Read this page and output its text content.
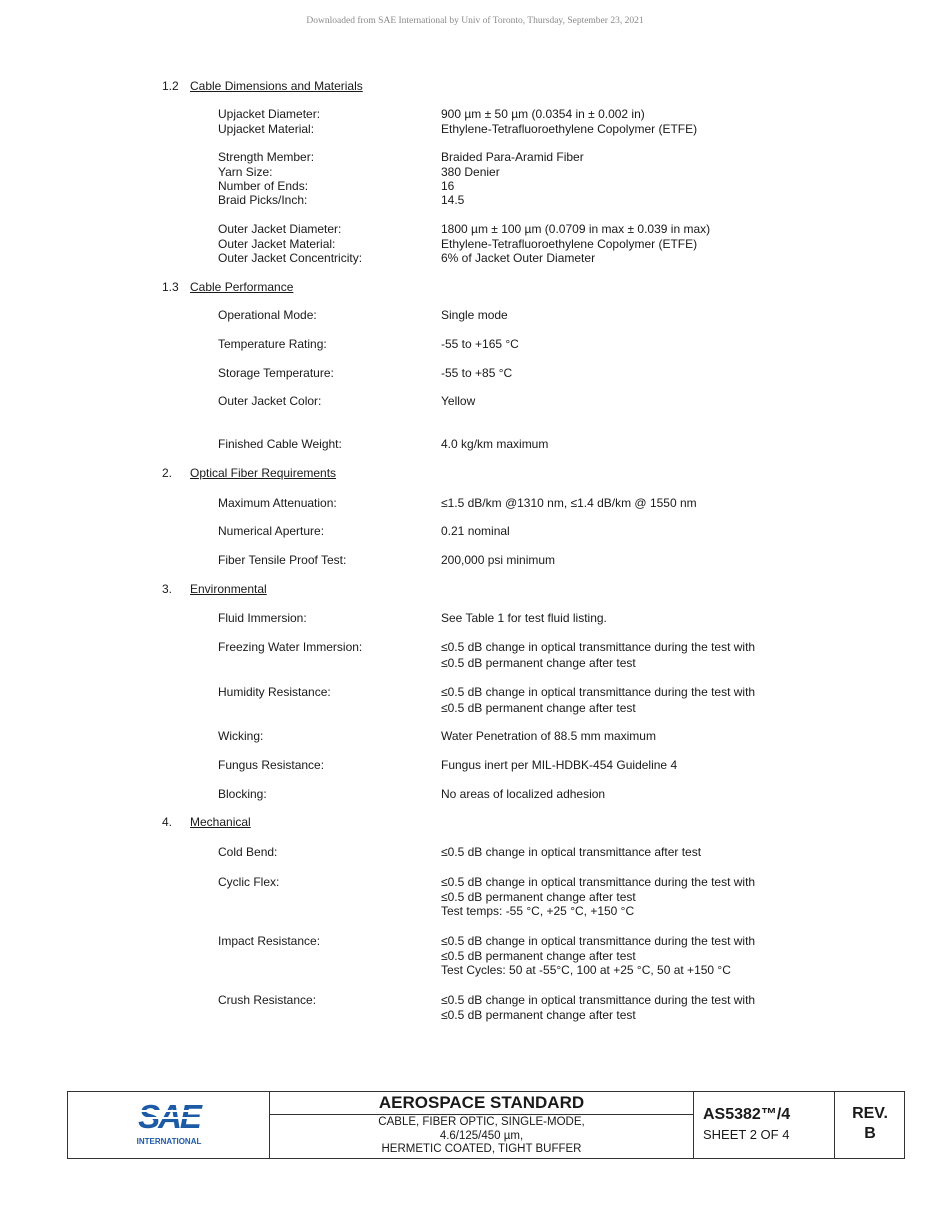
Downloaded from SAE International by Univ of Toronto, Thursday, September 23, 2021
1.2 Cable Dimensions and Materials
Upjacket Diameter:	900 µm ± 50 µm (0.0354 in ± 0.002 in)
Upjacket Material:	Ethylene-Tetrafluoroethylene Copolymer (ETFE)
Strength Member:	Braided Para-Aramid Fiber
Yarn Size:	380 Denier
Number of Ends:	16
Braid Picks/Inch:	14.5
Outer Jacket Diameter:	1800 µm ± 100 µm (0.0709 in max ± 0.039 in max)
Outer Jacket Material:	Ethylene-Tetrafluoroethylene Copolymer (ETFE)
Outer Jacket Concentricity:	6% of Jacket Outer Diameter
1.3 Cable Performance
Operational Mode:	Single mode
Temperature Rating:	-55 to +165 °C
Storage Temperature:	-55 to +85 °C
Outer Jacket Color:	Yellow
Finished Cable Weight:	4.0 kg/km maximum
2. Optical Fiber Requirements
Maximum Attenuation:	≤1.5 dB/km @1310 nm, ≤1.4 dB/km @ 1550 nm
Numerical Aperture:	0.21 nominal
Fiber Tensile Proof Test:	200,000 psi minimum
3. Environmental
Fluid Immersion:	See Table 1 for test fluid listing.
Freezing Water Immersion:	≤0.5 dB change in optical transmittance during the test with
≤0.5 dB permanent change after test
Humidity Resistance:	≤0.5 dB change in optical transmittance during the test with
≤0.5 dB permanent change after test
Wicking:	Water Penetration of 88.5 mm maximum
Fungus Resistance:	Fungus inert per MIL-HDBK-454 Guideline 4
Blocking:	No areas of localized adhesion
4. Mechanical
Cold Bend:	≤0.5 dB change in optical transmittance after test
Cyclic Flex:	≤0.5 dB change in optical transmittance during the test with
≤0.5 dB permanent change after test
Test temps: -55 °C, +25 °C, +150 °C
Impact Resistance:	≤0.5 dB change in optical transmittance during the test with
≤0.5 dB permanent change after test
Test Cycles: 50 at -55°C, 100 at +25 °C, 50 at +150 °C
Crush Resistance:	≤0.5 dB change in optical transmittance during the test with
≤0.5 dB permanent change after test
SAE
INTERNATIONAL
AEROSPACE STANDARD
CABLE, FIBER OPTIC, SINGLE-MODE,
4.6/125/450 µm,
HERMETIC COATED, TIGHT BUFFER
AS5382™/4
SHEET 2 OF 4
REV.
B
